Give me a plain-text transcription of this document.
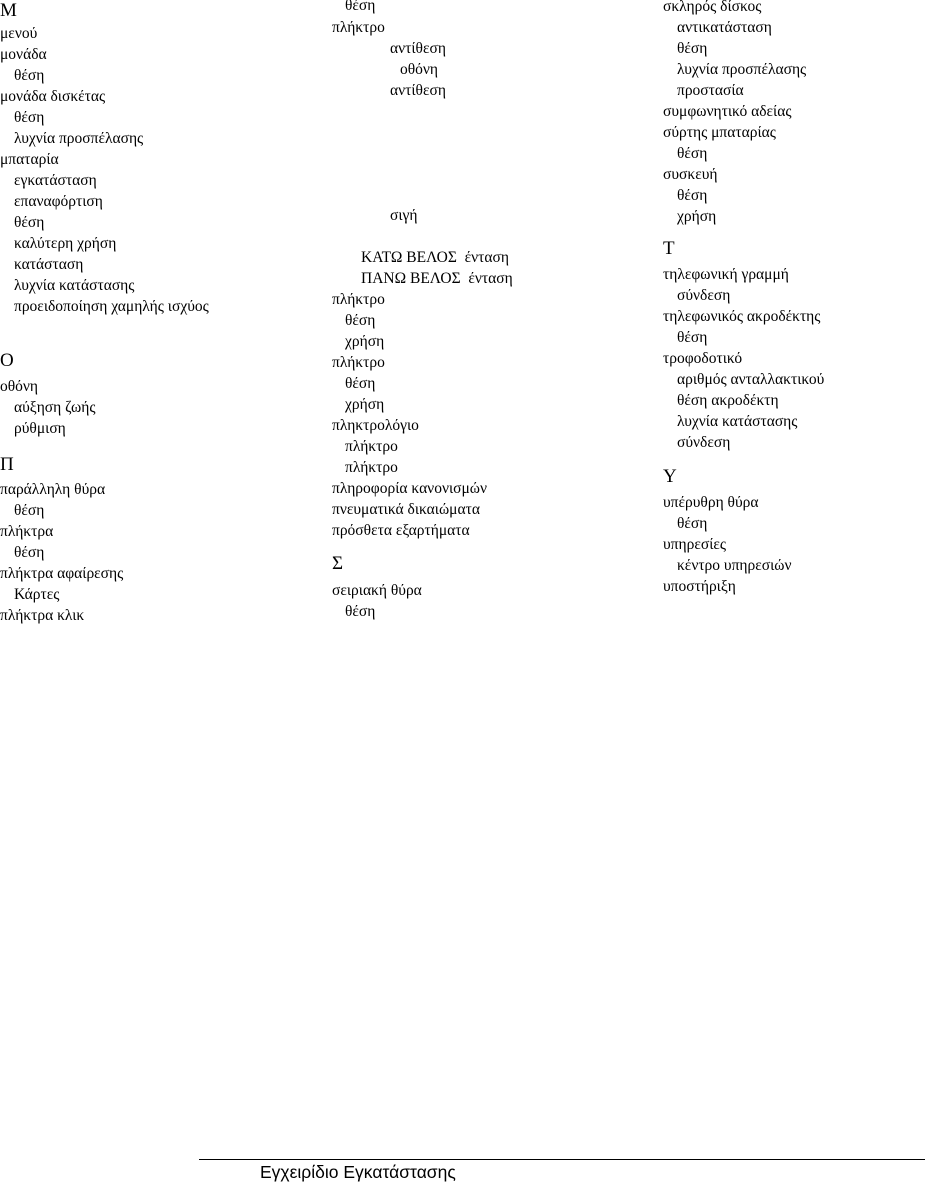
Μ
μενού
μονάδα
θέση
μονάδα δισκέτας
θέση
λυχνία προσπέλασης
μπαταρία
εγκατάσταση
επαναφόρτιση
θέση
καλύτερη χρήση
κατάσταση
λυχνία κατάστασης
προειδοποίηση χαμηλής ισχύος
Ο
οθόνη
αύξηση ζωής
ρύθμιση
Π
παράλληλη θύρα
θέση
πλήκτρα
θέση
πλήκτρα αφαίρεσης
Κάρτες
πλήκτρα κλικ
θέση
πλήκτρο
αντίθεση
οθόνη
αντίθεση
σιγή
ΚΑΤΩ ΒΕΛΟΣ  ένταση
ΠΑΝΩ ΒΕΛΟΣ  ένταση
πλήκτρο
θέση
χρήση
πλήκτρο
θέση
χρήση
πληκτρολόγιο
πλήκτρο
πλήκτρο
πληροφορία κανονισμών
πνευματικά δικαιώματα
πρόσθετα εξαρτήματα
Σ
σειριακή θύρα
θέση
σκληρός δίσκος
αντικατάσταση
θέση
λυχνία προσπέλασης
προστασία
συμφωνητικό αδείας
σύρτης μπαταρίας
θέση
συσκευή
θέση
χρήση
Τ
τηλεφωνική γραμμή
σύνδεση
τηλεφωνικός ακροδέκτης
θέση
τροφοδοτικό
αριθμός ανταλλακτικού
θέση ακροδέκτη
λυχνία κατάστασης
σύνδεση
Υ
υπέρυθρη θύρα
θέση
υπηρεσίες
κέντρο υπηρεσιών
υποστήριξη
Εγχειρίδιο Εγκατάστασης
